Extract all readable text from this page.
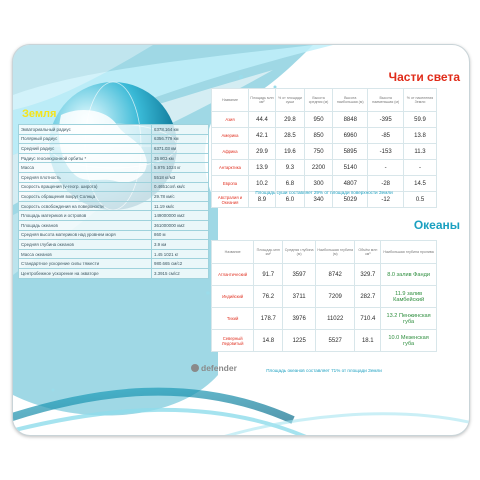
Земля
Экваториальный радиус	6378.164 км
Полярный радиус	6356.779 км
Средний радиус	6371.03 км
Радиус геосинхронной орбиты *	35 803 км
Масса	5.976 1024 кг
Средняя плотность	5518 кг/м3
Скорость вращения (v-геогр. широта)	0.4651cos\ км/с
Скорость обращения вокруг Солнца	29.78 км/с
Скорость освобождения на поверхности	11.19 км/с
Площадь материков и островов	149000000 км2
Площадь океанов	361000000 км2
Средняя высота материков над уровнем моря	860 м
Средняя глубина океанов	3.9 км
Масса океанов	1.45 1021 кг
Стандартное ускорение силы тяжести	980.665 см/с2
Центробежное ускорение на экваторе	3.3915 см/с2
Части света
Название	Площадь млн км²	% от площади суши	Высота средняя (м)	Высота наибольшая (м)	Высота наименьшая (м)	% от населения Земли
Азия	44.4	29.8	950	8848	-395	59.9
Америка	42.1	28.5	850	6960	-85	13.8
Африка	29.9	19.6	750	5895	-153	11.3
Антарктика	13.9	9.3	2200	5140	-	-
Европа	10.2	6.8	300	4807	-28	14.5
Австралия и Океания	8.9	6.0	340	5029	-12	0.5
Площадь суши составляет 29% от площади поверхности Земли
Океаны
Название	Площадь млн км²	Средняя глубина (м)	Наибольшая глубина (м)	Объём млн км³	Наибольшая глубина пролива
Атлантический	91.7	3597	8742	329.7	8.0 залив Фанди
Индийский	76.2	3711	7209	282.7	11.9 залив Камбейский
Тихий	178.7	3976	11022	710.4	13.2 Пенжинская губа
Северный Ледовитый	14.8	1225	5527	18.1	10.0 Мезенская губа
Площадь океанов составляет 71% от площади Земли
defender
